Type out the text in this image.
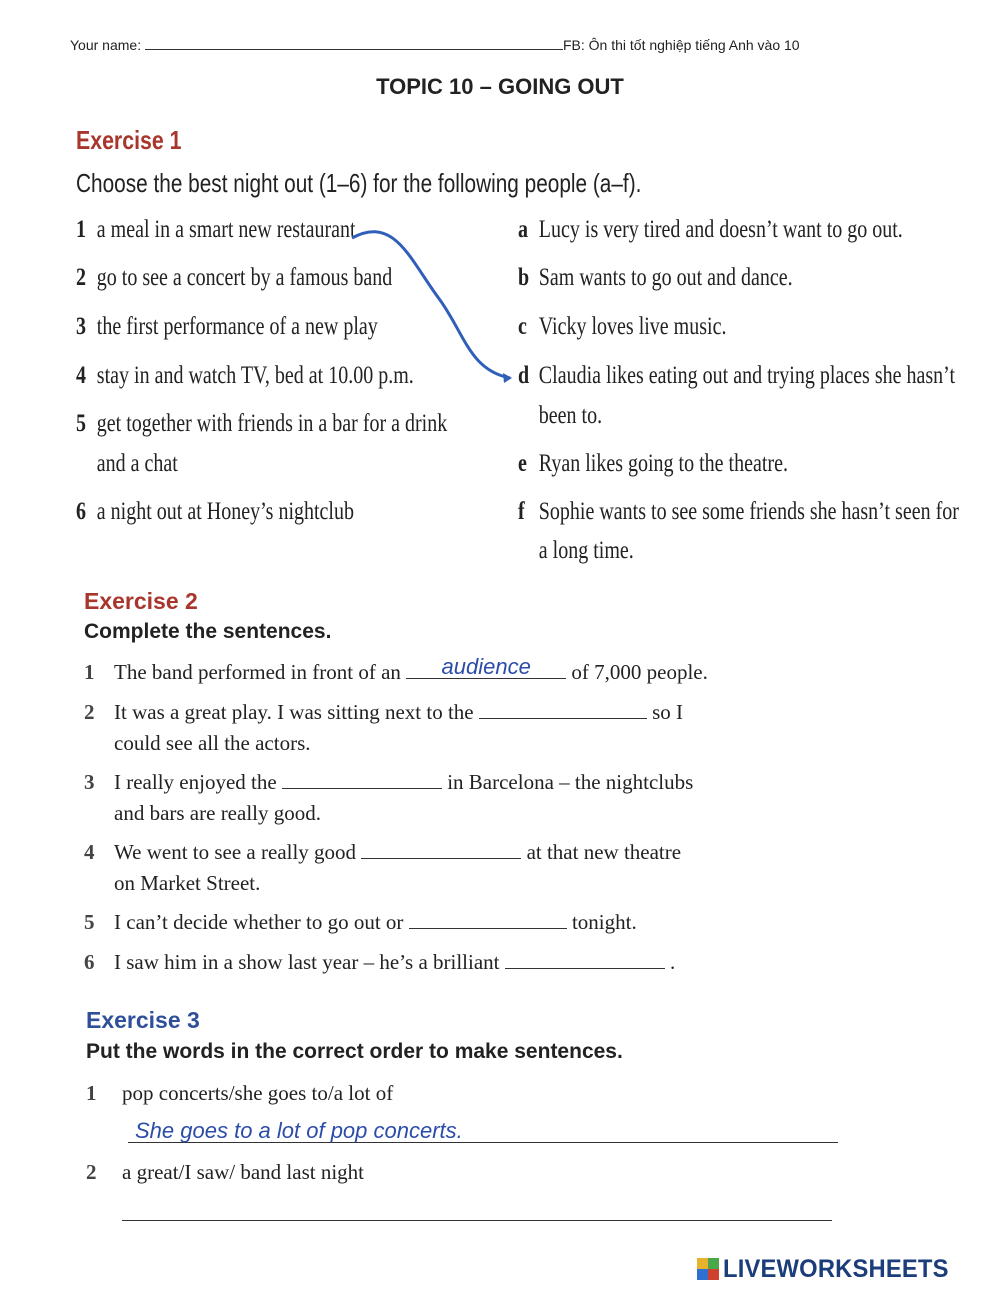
Your name:	FB: Ôn thi tốt nghiệp tiếng Anh vào 10
TOPIC 10 – GOING OUT
Exercise 1
Choose the best night out (1–6) for the following people (a–f).
1 a meal in a smart new restaurant
2 go to see a concert by a famous band
3 the first performance of a new play
4 stay in and watch TV, bed at 10.00 p.m.
5 get together with friends in a bar for a drink
and a chat
6 a night out at Honey’s nightclub
a Lucy is very tired and doesn’t want to go out.
b Sam wants to go out and dance.
c Vicky loves live music.
d Claudia likes eating out and trying places she hasn’t
been to.
e Ryan likes going to the theatre.
f Sophie wants to see some friends she hasn’t seen for
a long time.
Exercise 2
Complete the sentences.
1 The band performed in front of an	audience	of 7,000 people.
2 It was a great play. I was sitting next to the	so I
could see all the actors.
3 I really enjoyed the	in Barcelona – the nightclubs
and bars are really good.
4 We went to see a really good	at that new theatre
on Market Street.
5 I can’t decide whether to go out or	tonight.
6 I saw him in a show last year – he’s a brilliant	.
Exercise 3
Put the words in the correct order to make sentences.
1 pop concerts/she goes to/a lot of
She goes to a lot of pop concerts.
2 a great/I saw/ band last night
LIVEWORKSHEETS
